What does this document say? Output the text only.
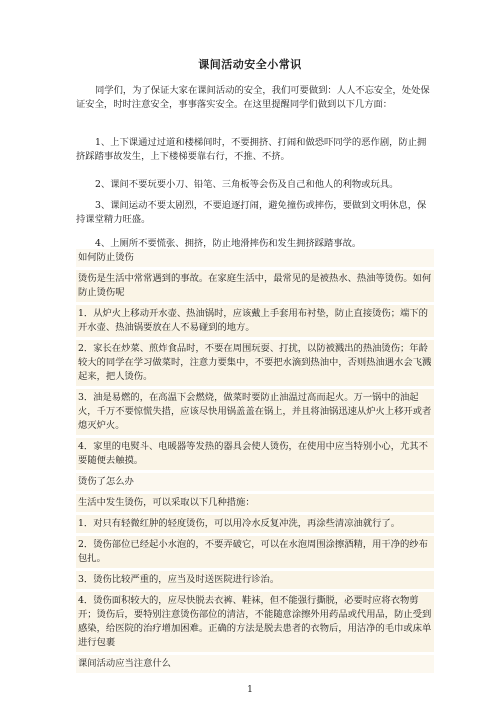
课间活动安全小常识

同学们，为了保证大家在课间活动的安全，我们可要做到：人人不忘安全，处处保证安全，时时注意安全，事事落实安全。在这里提醒同学们做到以下几方面：

1、上下课通过过道和楼梯间时，不要拥挤、打闹和做恐吓同学的恶作剧，防止拥挤踩踏事故发生，上下楼梯要靠右行，不推、不挤。

2、课间不要玩要小刀、铅笔、三角板等会伤及自己和他人的利物或玩具。

3、课间运动不要太剧烈，不要追逐打闹，避免撞伤或摔伤，要做到文明休息，保持课堂精力旺盛。

4、上厕所不要慌张、拥挤，防止地滑摔伤和发生拥挤踩踏事故。

如何防止烫伤

烫伤是生活中常常遇到的事故。在家庭生活中，最常见的是被热水、热油等烫伤。如何防止烫伤呢

1．从炉火上移动开水壶、热油锅时，应该戴上手套用布衬垫，防止直接烫伤；端下的开水壶、热油锅要放在人不易碰到的地方。

2．家长在炒菜、煎炸食品时，不要在周围玩耍、打扰，以防被溅出的热油烫伤；年龄较大的同学在学习做菜时，注意力要集中，不要把水滴到热油中，否则热油遇水会飞溅起来，把人烫伤。

3．油是易燃的，在高温下会燃烧，做菜时要防止油温过高而起火。万一锅中的油起火，千万不要惊慌失措，应该尽快用锅盖盖在锅上，并且将油锅迅速从炉火上移开或者熄灭炉火。

4．家里的电熨斗、电暖器等发热的器具会使人烫伤，在使用中应当特别小心，尤其不要随便去触摸。

烫伤了怎么办

生活中发生烫伤，可以采取以下几种措施：

1．对只有轻微红肿的轻度烫伤，可以用冷水反复冲洗，再涂些清凉油就行了。

2．烫伤部位已经起小水泡的，不要弄破它，可以在水泡周围涂擦酒精，用干净的纱布包扎。

3．烫伤比较严重的，应当及时送医院进行诊治。

4．烫伤面积较大的，应尽快脱去衣裤、鞋袜，但不能强行撕脱，必要时应将衣物剪开；烫伤后，要特别注意烫伤部位的清洁，不能随意涂擦外用药品或代用品，防止受到感染，给医院的治疗增加困难。正确的方法是脱去患者的衣物后，用洁净的毛巾或床单进行包裹

课间活动应当注意什么

1
